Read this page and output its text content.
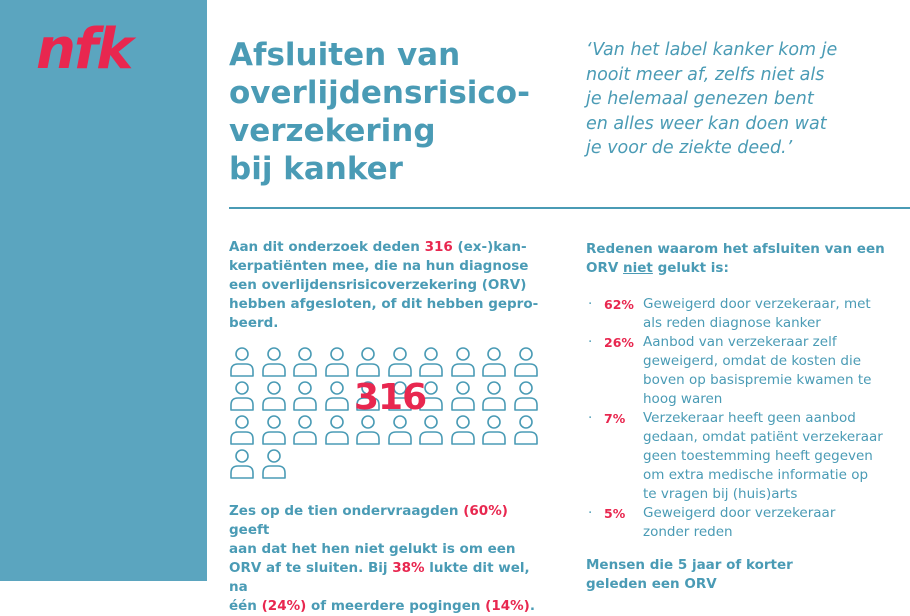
nfk	Afsluiten van
overlijdensrisico-
verzekering
bij kanker
‘Van het label kanker kom je
nooit meer af, zelfs niet als
je helemaal genezen bent
en alles weer kan doen wat
je voor de ziekte deed.’
Aan dit onderzoek deden 316 (ex-)kan-
kerpatiënten mee, die na hun diagnose
een overlijdensrisicoverzekering (ORV)
hebben afgesloten, of dit hebben gepro-
beerd.
316
Zes op de tien ondervraagden (60%) geeft
aan dat het hen niet gelukt is om een
ORV af te sluiten. Bij 38% lukte dit wel, na
één (24%) of meerdere pogingen (14%).
Redenen waarom het afsluiten van een
ORV niet gelukt is:
· 62% Geweigerd door verzekeraar, met
als reden diagnose kanker
· 26% Aanbod van verzekeraar zelf
geweigerd, omdat de kosten die
boven op basispremie kwamen te
hoog waren
· 7%	Verzekeraar heeft geen aanbod
gedaan, omdat patiënt verzekeraar
geen toestemming heeft gegeven
om extra medische informatie op
te vragen bij (huis)arts
· 5%	Geweigerd door verzekeraar
zonder reden
Mensen die 5 jaar of korter
geleden een ORV
